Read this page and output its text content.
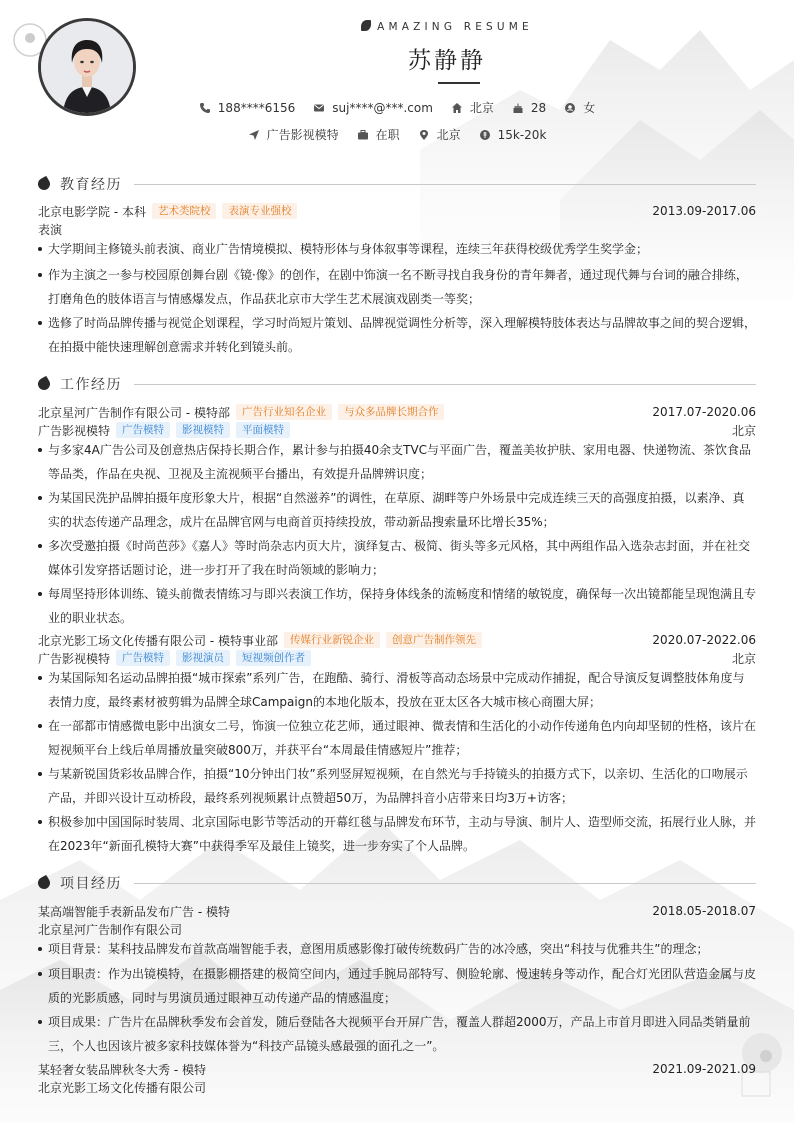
AMAZING RESUME
苏静静
188****6156	suj****@***.com	北京	28	女
广告影视模特	在职	北京	15k-20k
教育经历
北京电影学院 - 本科	艺术类院校	表演专业强校	2013.09-2017.06
表演
大学期间主修镜头前表演、商业广告情境模拟、模特形体与身体叙事等课程，连续三年获得校级优秀学生奖学金；
作为主演之一参与校园原创舞台剧《镜·像》的创作，在剧中饰演一名不断寻找自我身份的青年舞者，通过现代舞与台词的融合排练，打磨角色的肢体语言与情感爆发点，作品获北京市大学生艺术展演戏剧类一等奖；
选修了时尚品牌传播与视觉企划课程，学习时尚短片策划、品牌视觉调性分析等，深入理解模特肢体表达与品牌故事之间的契合逻辑，在拍摄中能快速理解创意需求并转化到镜头前。
工作经历
北京星河广告制作有限公司 - 模特部	广告行业知名企业	与众多品牌长期合作	2017.07-2020.06
广告影视模特	广告模特	影视模特	平面模特	北京
与多家4A广告公司及创意热店保持长期合作，累计参与拍摄40余支TVC与平面广告，覆盖美妆护肤、家用电器、快递物流、茶饮食品等品类，作品在央视、卫视及主流视频平台播出，有效提升品牌辨识度；
为某国民洗护品牌拍摄年度形象大片，根据“自然滋养”的调性，在草原、湖畔等户外场景中完成连续三天的高强度拍摄，以素净、真实的状态传递产品理念，成片在品牌官网与电商首页持续投放，带动新品搜索量环比增长35%；
多次受邀拍摄《时尚芭莎》《嘉人》等时尚杂志内页大片，演绎复古、极简、街头等多元风格，其中两组作品入选杂志封面，并在社交媒体引发穿搭话题讨论，进一步打开了我在时尚领域的影响力；
每周坚持形体训练、镜头前微表情练习与即兴表演工作坊，保持身体线条的流畅度和情绪的敏锐度，确保每一次出镜都能呈现饱满且专业的职业状态。
北京光影工场文化传播有限公司 - 模特事业部	传媒行业新锐企业	创意广告制作领先	2020.07-2022.06
广告影视模特	广告模特	影视演员	短视频创作者	北京
为某国际知名运动品牌拍摄“城市探索”系列广告，在跑酷、骑行、滑板等高动态场景中完成动作捕捉，配合导演反复调整肢体角度与表情力度，最终素材被剪辑为品牌全球Campaign的本地化版本，投放在亚太区各大城市核心商圈大屏；
在一部都市情感微电影中出演女二号，饰演一位独立花艺师，通过眼神、微表情和生活化的小动作传递角色内向却坚韧的性格，该片在短视频平台上线后单周播放量突破800万，并获平台“本周最佳情感短片”推荐；
与某新锐国货彩妆品牌合作，拍摄“10分钟出门妆”系列竖屏短视频，在自然光与手持镜头的拍摄方式下，以亲切、生活化的口吻展示产品，并即兴设计互动桥段，最终系列视频累计点赞超50万，为品牌抖音小店带来日均3万+访客；
积极参加中国国际时装周、北京国际电影节等活动的开幕红毯与品牌发布环节，主动与导演、制片人、造型师交流，拓展行业人脉，并在2023年“新面孔模特大赛”中获得季军及最佳上镜奖，进一步夯实了个人品牌。
项目经历
某高端智能手表新品发布广告 - 模特	2018.05-2018.07
北京星河广告制作有限公司
项目背景：某科技品牌发布首款高端智能手表，意图用质感影像打破传统数码广告的冰冷感，突出“科技与优雅共生”的理念；
项目职责：作为出镜模特，在摄影棚搭建的极简空间内，通过手腕局部特写、侧脸轮廓、慢速转身等动作，配合灯光团队营造金属与皮质的光影质感，同时与男演员通过眼神互动传递产品的情感温度；
项目成果：广告片在品牌秋季发布会首发，随后登陆各大视频平台开屏广告，覆盖人群超2000万，产品上市首月即进入同品类销量前三，个人也因该片被多家科技媒体誉为“科技产品镜头感最强的面孔之一”。
某轻奢女装品牌秋冬大秀 - 模特	2021.09-2021.09
北京光影工场文化传播有限公司
